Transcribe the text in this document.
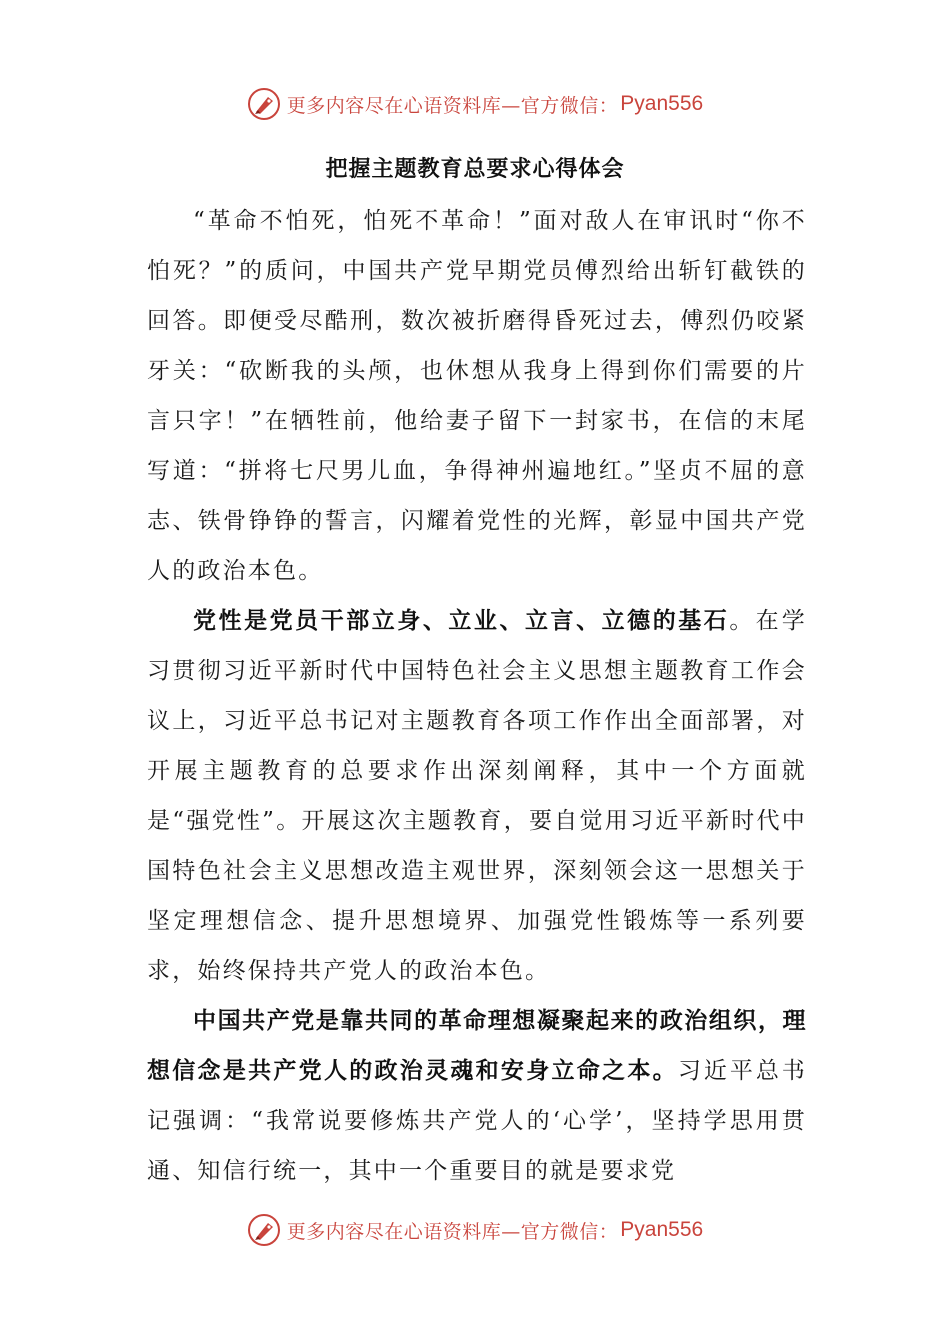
更多内容尽在心语资料库—官方微信： Pyan556
把握主题教育总要求心得体会

“革命不怕死，怕死不革命！”面对敌人在审讯时“你不怕死？”的质问，中国共产党早期党员傅烈给出斩钉截铁的回答。即便受尽酷刑，数次被折磨得昏死过去，傅烈仍咬紧牙关：“砍断我的头颅，也休想从我身上得到你们需要的片言只字！”在牺牲前，他给妻子留下一封家书，在信的末尾写道：“拼将七尺男儿血，争得神州遍地红。”坚贞不屈的意志、铁骨铮铮的誓言，闪耀着党性的光辉，彰显中国共产党人的政治本色。

党性是党员干部立身、立业、立言、立德的基石。在学习贯彻习近平新时代中国特色社会主义思想主题教育工作会议上，习近平总书记对主题教育各项工作作出全面部署，对开展主题教育的总要求作出深刻阐释，其中一个方面就是“强党性”。开展这次主题教育，要自觉用习近平新时代中国特色社会主义思想改造主观世界，深刻领会这一思想关于坚定理想信念、提升思想境界、加强党性锻炼等一系列要求，始终保持共产党人的政治本色。

中国共产党是靠共同的革命理想凝聚起来的政治组织，理想信念是共产党人的政治灵魂和安身立命之本。习近平总书记强调：“我常说要修炼共产党人的‘心学’，坚持学思用贯通、知信行统一，其中一个重要目的就是要求党

更多内容尽在心语资料库—官方微信： Pyan556
